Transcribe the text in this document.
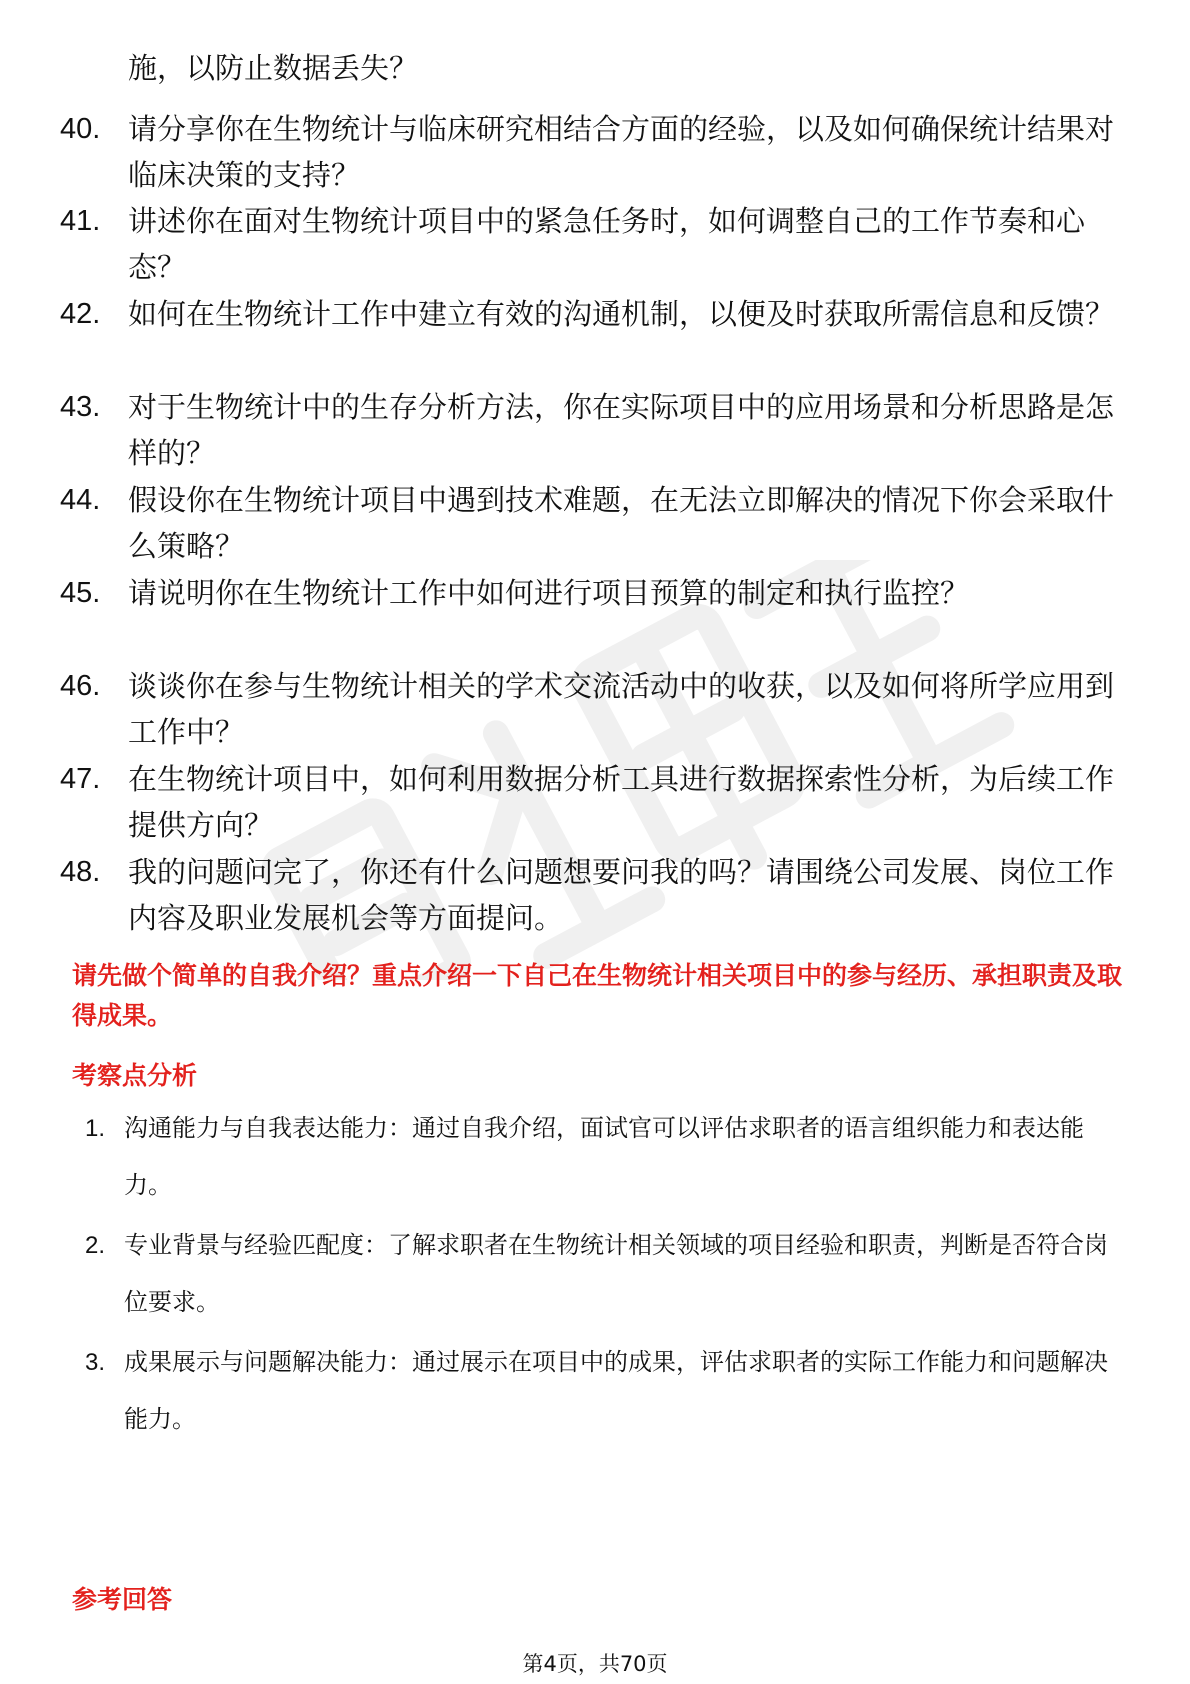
施，以防止数据丢失？
40. 请分享你在生物统计与临床研究相结合方面的经验，以及如何确保统计结果对临床决策的支持？
41. 讲述你在面对生物统计项目中的紧急任务时，如何调整自己的工作节奏和心态？
42. 如何在生物统计工作中建立有效的沟通机制，以便及时获取所需信息和反馈？
43. 对于生物统计中的生存分析方法，你在实际项目中的应用场景和分析思路是怎样的？
44. 假设你在生物统计项目中遇到技术难题，在无法立即解决的情况下你会采取什么策略？
45. 请说明你在生物统计工作中如何进行项目预算的制定和执行监控？
46. 谈谈你在参与生物统计相关的学术交流活动中的收获，以及如何将所学应用到工作中？
47. 在生物统计项目中，如何利用数据分析工具进行数据探索性分析，为后续工作提供方向？
48. 我的问题问完了，你还有什么问题想要问我的吗？请围绕公司发展、岗位工作内容及职业发展机会等方面提问。
请先做个简单的自我介绍？重点介绍一下自己在生物统计相关项目中的参与经历、承担职责及取得成果。
考察点分析
1. 沟通能力与自我表达能力：通过自我介绍，面试官可以评估求职者的语言组织能力和表达能力。
2. 专业背景与经验匹配度：了解求职者在生物统计相关领域的项目经验和职责，判断是否符合岗位要求。
3. 成果展示与问题解决能力：通过展示在项目中的成果，评估求职者的实际工作能力和问题解决能力。
参考回答
第4页，共70页
